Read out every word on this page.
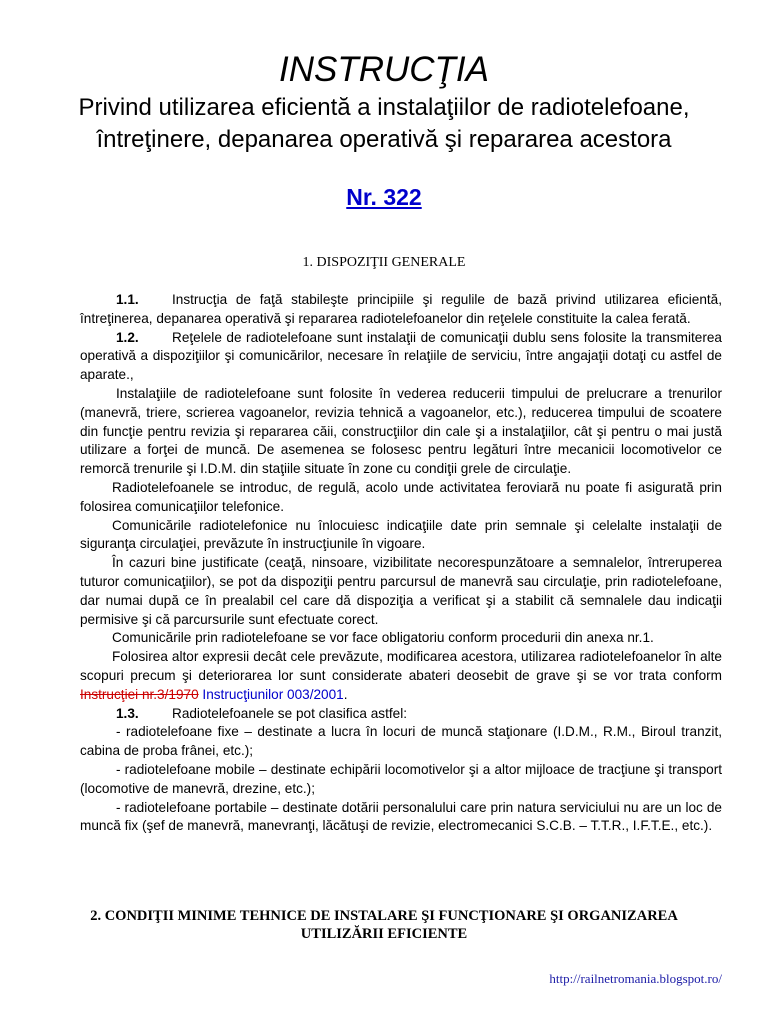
INSTRUCŢIA
Privind utilizarea eficientă a instalaţiilor de radiotelefoane,
întreţinere, depanarea operativă şi repararea acestora
Nr. 322
1. DISPOZIŢII GENERALE

1.1. Instrucţia de faţă stabileşte principiile şi regulile de bază privind utilizarea eficientă, întreţinerea, depanarea operativă şi repararea radiotelefoanelor din reţelele constituite la calea ferată.

1.2. Reţelele de radiotelefoane sunt instalaţii de comunicaţii dublu sens folosite la transmiterea operativă a dispoziţiilor şi comunicărilor, necesare în relaţiile de serviciu, între angajaţii dotaţi cu astfel de aparate.,

Instalaţiile de radiotelefoane sunt folosite în vederea reducerii timpului de prelucrare a trenurilor (manevră, triere, scrierea vagoanelor, revizia tehnică a vagoanelor, etc.), reducerea timpului de scoatere din funcţie pentru revizia şi repararea căii, construcţiilor din cale şi a instalaţiilor, cât şi pentru o mai justă utilizare a forţei de muncă. De asemenea se folosesc pentru legături între mecanicii locomotivelor ce remorcă trenurile şi I.D.M. din staţiile situate în zone cu condiţii grele de circulaţie.

Radiotelefoanele se introduc, de regulă, acolo unde activitatea feroviară nu poate fi asigurată prin folosirea comunicaţiilor telefonice.

Comunicările radiotelefonice nu înlocuiesc indicaţiile date prin semnale şi celelalte instalaţii de siguranţa circulaţiei, prevăzute în instrucţiunile în vigoare.

În cazuri bine justificate (ceaţă, ninsoare, vizibilitate necorespunzătoare a semnalelor, întreruperea tuturor comunicaţiilor), se pot da dispoziţii pentru parcursul de manevră sau circulaţie, prin radiotelefoane, dar numai după ce în prealabil cel care dă dispoziţia a verificat şi a stabilit că semnalele dau indicaţii permisive şi că parcursurile sunt efectuate corect.

Comunicările prin radiotelefoane se vor face obligatoriu conform procedurii din anexa nr.1.

Folosirea altor expresii decât cele prevăzute, modificarea acestora, utilizarea radiotelefoanelor în alte scopuri precum şi deteriorarea lor sunt considerate abateri deosebit de grave şi se vor trata conform Instrucţiei nr.3/1970 Instrucţiunilor 003/2001.

1.3. Radiotelefoanele se pot clasifica astfel:

- radiotelefoane fixe – destinate a lucra în locuri de muncă staţionare (I.D.M., R.M., Biroul tranzit, cabina de proba frânei, etc.);

- radiotelefoane mobile – destinate echipării locomotivelor şi a altor mijloace de tracţiune şi transport (locomotive de manevră, drezine, etc.);

- radiotelefoane portabile – destinate dotării personalului care prin natura serviciului nu are un loc de muncă fix (şef de manevră, manevranţi, lăcătuşi de revizie, electromecanici S.C.B. – T.T.R., I.F.T.E., etc.).

2. CONDIŢII MINIME TEHNICE DE INSTALARE ŞI FUNCŢIONARE ŞI ORGANIZAREA UTILIZĂRII EFICIENTE
http://railnetromania.blogspot.ro/
